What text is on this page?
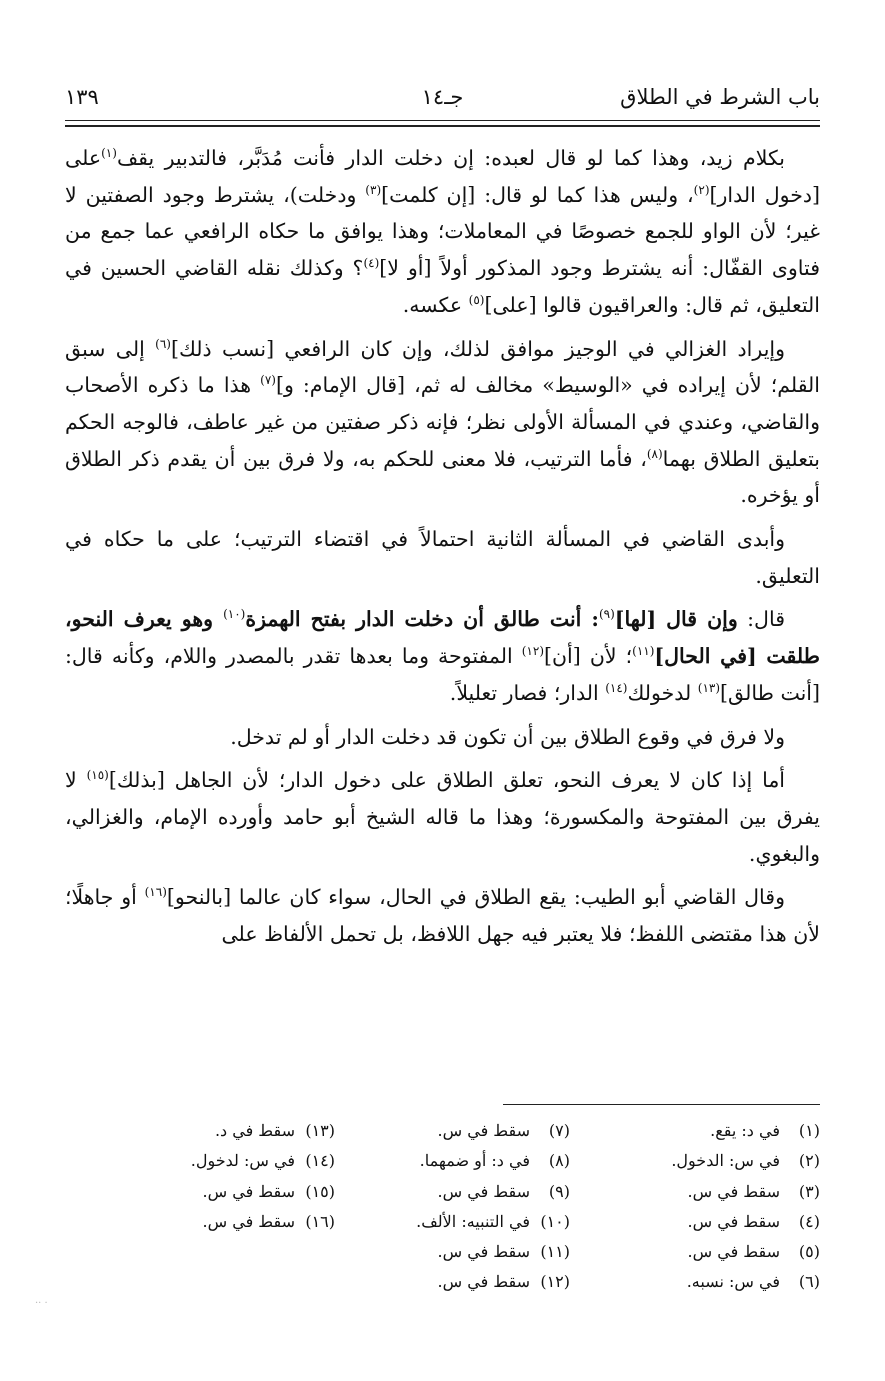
باب الشرط في الطلاق
جـ١٤
١٣٩

بكلام زيد، وهذا كما لو قال لعبده: إن دخلت الدار فأنت مُدَبَّر، فالتدبير يقف$^{(١)}$على [دخول الدار]$^{(٢)}$، وليس هذا كما لو قال: [إن كلمت]$^{(٣)}$ ودخلت)، يشترط وجود الصفتين لا غير؛ لأن الواو للجمع خصوصًا في المعاملات؛ وهذا يوافق ما حكاه الرافعي عما جمع من فتاوى القفّال: أنه يشترط وجود المذكور أولاً [أو لا]$^{(٤)}$؟ وكذلك نقله القاضي الحسين في التعليق، ثم قال: والعراقيون قالوا [على]$^{(٥)}$ عكسه.

وإيراد الغزالي في الوجيز موافق لذلك، وإن كان الرافعي [نسب ذلك]$^{(٦)}$ إلى سبق القلم؛ لأن إيراده في «الوسيط» مخالف له ثم، [قال الإمام: و]$^{(٧)}$ هذا ما ذكره الأصحاب والقاضي، وعندي في المسألة الأولى نظر؛ فإنه ذكر صفتين من غير عاطف، فالوجه الحكم بتعليق الطلاق بهما$^{(٨)}$، فأما الترتيب، فلا معنى للحكم به، ولا فرق بين أن يقدم ذكر الطلاق أو يؤخره.

وأبدى القاضي في المسألة الثانية احتمالاً في اقتضاء الترتيب؛ على ما حكاه في التعليق.

قال: وإن قال [لها]$^{(٩)}$: أنت طالق أن دخلت الدار بفتح الهمزة$^{(١٠)}$ وهو يعرف النحو، طلقت [في الحال]$^{(١١)}$؛ لأن [أن]$^{(١٢)}$ المفتوحة وما بعدها تقدر بالمصدر واللام، وكأنه قال: [أنت طالق]$^{(١٣)}$ لدخولك$^{(١٤)}$ الدار؛ فصار تعليلاً.

ولا فرق في وقوع الطلاق بين أن تكون قد دخلت الدار أو لم تدخل.

أما إذا كان لا يعرف النحو، تعلق الطلاق على دخول الدار؛ لأن الجاهل [بذلك]$^{(١٥)}$ لا يفرق بين المفتوحة والمكسورة؛ وهذا ما قاله الشيخ أبو حامد وأورده الإمام، والغزالي، والبغوي.

وقال القاضي أبو الطيب: يقع الطلاق في الحال، سواء كان عالما [بالنحو]$^{(١٦)}$ أو جاهلًا؛ لأن هذا مقتضى اللفظ؛ فلا يعتبر فيه جهل اللافظ، بل تحمل الألفاظ على

(١)في د: يقع.
(٢)في س: الدخول.
(٣)سقط في س.
(٤)سقط في س.
(٥)سقط في س.
(٦)في س: نسبه.
(٧)سقط في س.
(٨)في د: أو ضمهما.
(٩)سقط في س.
(١٠)في التنبيه: الألف.
(١١)سقط في س.
(١٢)سقط في س.
(١٣)سقط في د.
(١٤)في س: لدخول.
(١٥)سقط في س.
(١٦)سقط في س.
·· ·
